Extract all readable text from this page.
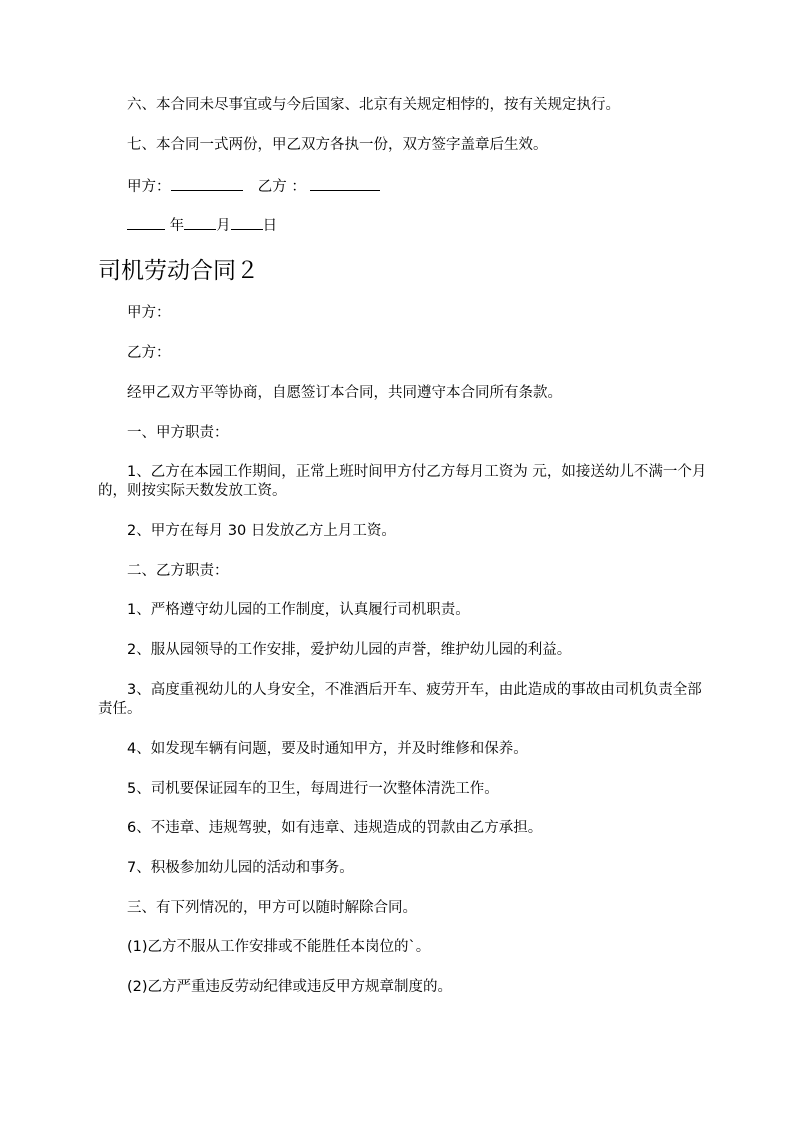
六、本合同未尽事宜或与今后国家、北京有关规定相悖的，按有关规定执行。
七、本合同一式两份，甲乙双方各执一份，双方签字盖章后生效。
甲方：	乙方 ：
年 月 日
司机劳动合同２
甲方：
乙方：
经甲乙双方平等协商，自愿签订本合同，共同遵守本合同所有条款。
一、甲方职责：
1、乙方在本园工作期间，正常上班时间甲方付乙方每月工资为 元，如接送幼儿不满一个月的，则按实际天数发放工资。
2、甲方在每月 30 日发放乙方上月工资。
二、乙方职责：
1、严格遵守幼儿园的工作制度，认真履行司机职责。
2、服从园领导的工作安排，爱护幼儿园的声誉，维护幼儿园的利益。
3、高度重视幼儿的人身安全，不准酒后开车、疲劳开车，由此造成的事故由司机负责全部责任。
4、如发现车辆有问题，要及时通知甲方，并及时维修和保养。
5、司机要保证园车的卫生，每周进行一次整体清洗工作。
6、不违章、违规驾驶，如有违章、违规造成的罚款由乙方承担。
7、积极参加幼儿园的活动和事务。
三、有下列情况的，甲方可以随时解除合同。
(1)乙方不服从工作安排或不能胜任本岗位的`。
(2)乙方严重违反劳动纪律或违反甲方规章制度的。
